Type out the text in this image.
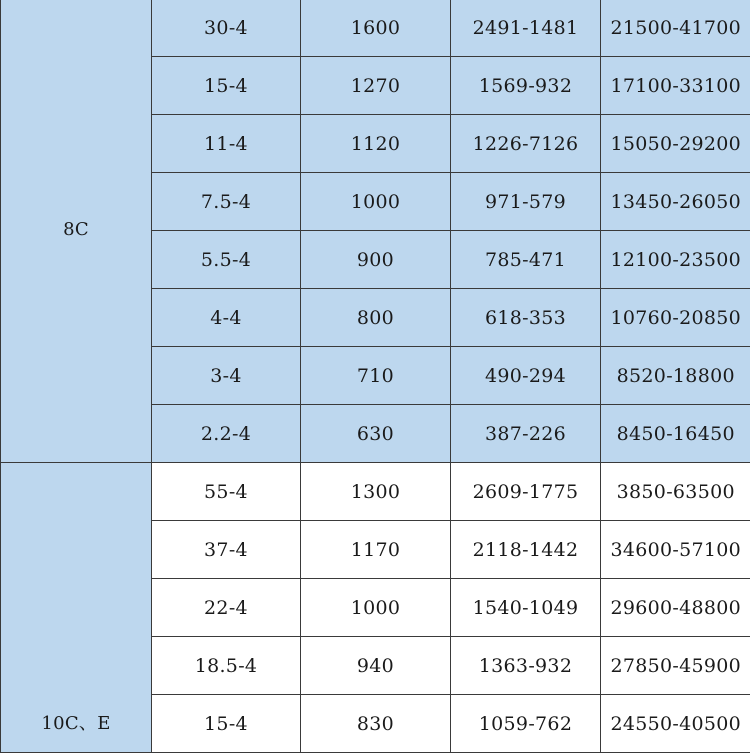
8C	30-4	1600	2491-1481	21500-41700
	15-4	1270	1569-932	17100-33100
	11-4	1120	1226-7126	15050-29200
	7.5-4	1000	971-579	13450-26050
	5.5-4	900	785-471	12100-23500
	4-4	800	618-353	10760-20850
	3-4	710	490-294	8520-18800
	2.2-4	630	387-226	8450-16450
10C、E	55-4	1300	2609-1775	3850-63500
	37-4	1170	2118-1442	34600-57100
	22-4	1000	1540-1049	29600-48800
	18.5-4	940	1363-932	27850-45900
	15-4	830	1059-762	24550-40500
